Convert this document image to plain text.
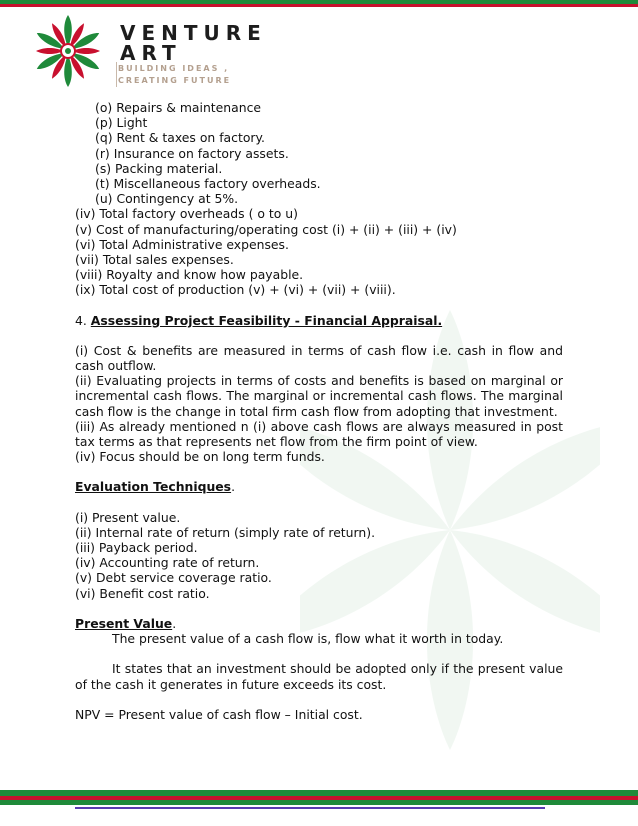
VENTURE
ART
BUILDING IDEAS ,
CREATING FUTURE
(o) Repairs & maintenance
(p) Light
(q) Rent & taxes on factory.
(r) Insurance on factory assets.
(s) Packing material.
(t) Miscellaneous factory overheads.
(u) Contingency at 5%.
(iv) Total factory overheads ( o to u)
(v) Cost of manufacturing/operating cost (i) + (ii) + (iii) + (iv)
(vi) Total Administrative expenses.
(vii) Total sales expenses.
(viii) Royalty and know how payable.
(ix) Total cost of production (v) + (vi) + (vii) + (viii).
4. Assessing Project Feasibility - Financial Appraisal.
(i) Cost & benefits are measured in terms of cash flow i.e. cash in flow and cash outflow.
(ii) Evaluating projects in terms of costs and benefits is based on marginal or incremental cash flows. The marginal or incremental cash flows. The marginal cash flow is the change in total firm cash flow from adopting that investment.
(iii) As already mentioned n (i) above cash flows are always measured in post tax terms as that represents net flow from the firm point of view.
(iv) Focus should be on long term funds.
Evaluation Techniques.
(i) Present value.
(ii) Internal rate of return (simply rate of return).
(iii) Payback period.
(iv) Accounting rate of return.
(v) Debt service coverage ratio.
(vi) Benefit cost ratio.
Present Value.
The present value of a cash flow is, flow what it worth in today.
It states that an investment should be adopted only if the present value of the cash it generates in future exceeds its cost.
NPV = Present value of cash flow – Initial cost.
